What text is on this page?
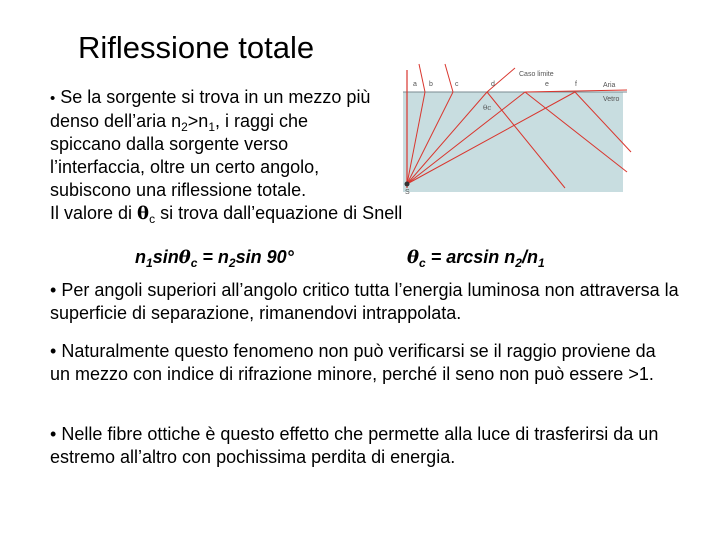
Riflessione totale
• Se la sorgente si trova in un mezzo più
denso dell’aria $n_2>n_1$, i raggi che
spiccano dalla sorgente verso
l’interfaccia, oltre un certo angolo,
subiscono una riflessione totale.
Il valore di $\theta_c$ si trova dall’equazione di Snell
$n_1\sin\theta_c = n_2\sin$ 90°	$\theta_c = \arcsin n_2/n_1$
• Per angoli superiori all’angolo critico tutta l’energia luminosa non attraversa la superficie di separazione, rimanendovi intrappolata.
• Naturalmente questo fenomeno non può verificarsi se il raggio proviene da un mezzo con indice di rifrazione minore, perché il seno non può essere >1.
• Nelle fibre ottiche è questo effetto che permette alla luce di trasferirsi da un estremo all’altro con pochissima perdita di energia.
S
Caso limite
Aria
Vetro
θc
a b	c	d	e	f
